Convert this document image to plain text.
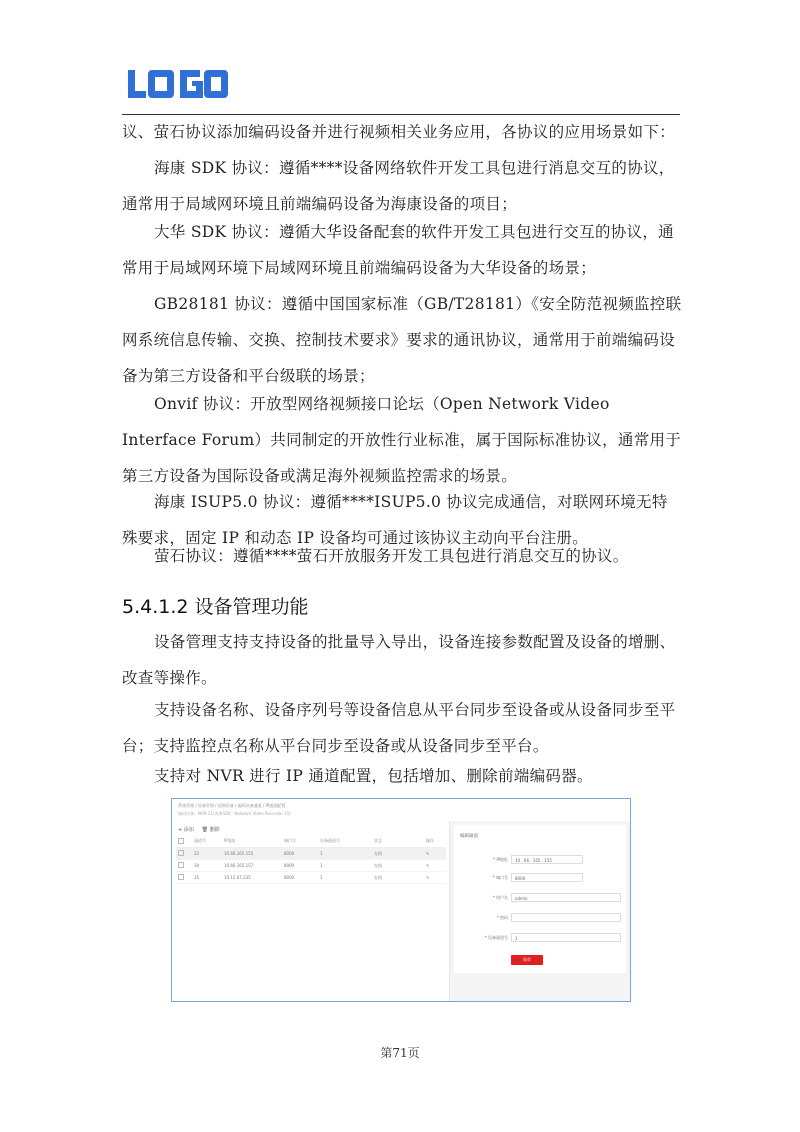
议、萤石协议添加编码设备并进行视频相关业务应用，各协议的应用场景如下：

海康 SDK 协议：遵循****设备网络软件开发工具包进行消息交互的协议，通常用于局域网环境且前端编码设备为海康设备的项目；

大华 SDK 协议：遵循大华设备配套的软件开发工具包进行交互的协议，通常用于局域网环境下局域网环境且前端编码设备为大华设备的场景；

GB28181 协议：遵循中国国家标准（GB/T28181）《安全防范视频监控联网系统信息传输、交换、控制技术要求》要求的通讯协议，通常用于前端编码设备为第三方设备和平台级联的场景；

Onvif 协议：开放型网络视频接口论坛（Open Network Video Interface Forum）共同制定的开放性行业标准，属于国际标准协议，通常用于第三方设备为国际设备或满足海外视频监控需求的场景。

海康 ISUP5.0 协议：遵循****ISUP5.0 协议完成通信，对联网环境无特殊要求，固定 IP 和动态 IP 设备均可通过该协议主动向平台注册。

萤石协议：遵循****萤石开放服务开发工具包进行消息交互的协议。

5.4.1.2 设备管理功能

设备管理支持支持设备的批量导入导出，设备连接参数配置及设备的增删、改查等操作。

支持设备名称、设备序列号等设备信息从平台同步至设备或从设备同步至平台；支持监控点名称从平台同步至设备或从设备同步至平台。

支持对 NVR 进行 IP 通道配置，包括增加、删除前端编码器。

系统管理 / 设备管理 / 视频设备 / 编码设备通道 / IP通道配置
编码设备：NVR-11(海康SDK · Network Video Recorder 15)
+ 添加 🗑 删除
	通道号	IP地址	端口号	设备通道号	状态	操作
	33	10.66.165.155	8000	1	在线	✎
	34	10.66.165.157	8000	1	在线	✎
	35	10.12.67.235	8000	1	在线	✎
编辑通道
* IP地址	10 . 66 . 165 . 155
* 端口号	8000
* 用户名	admin
* 密码
* 设备通道号	1
保存
第71页
